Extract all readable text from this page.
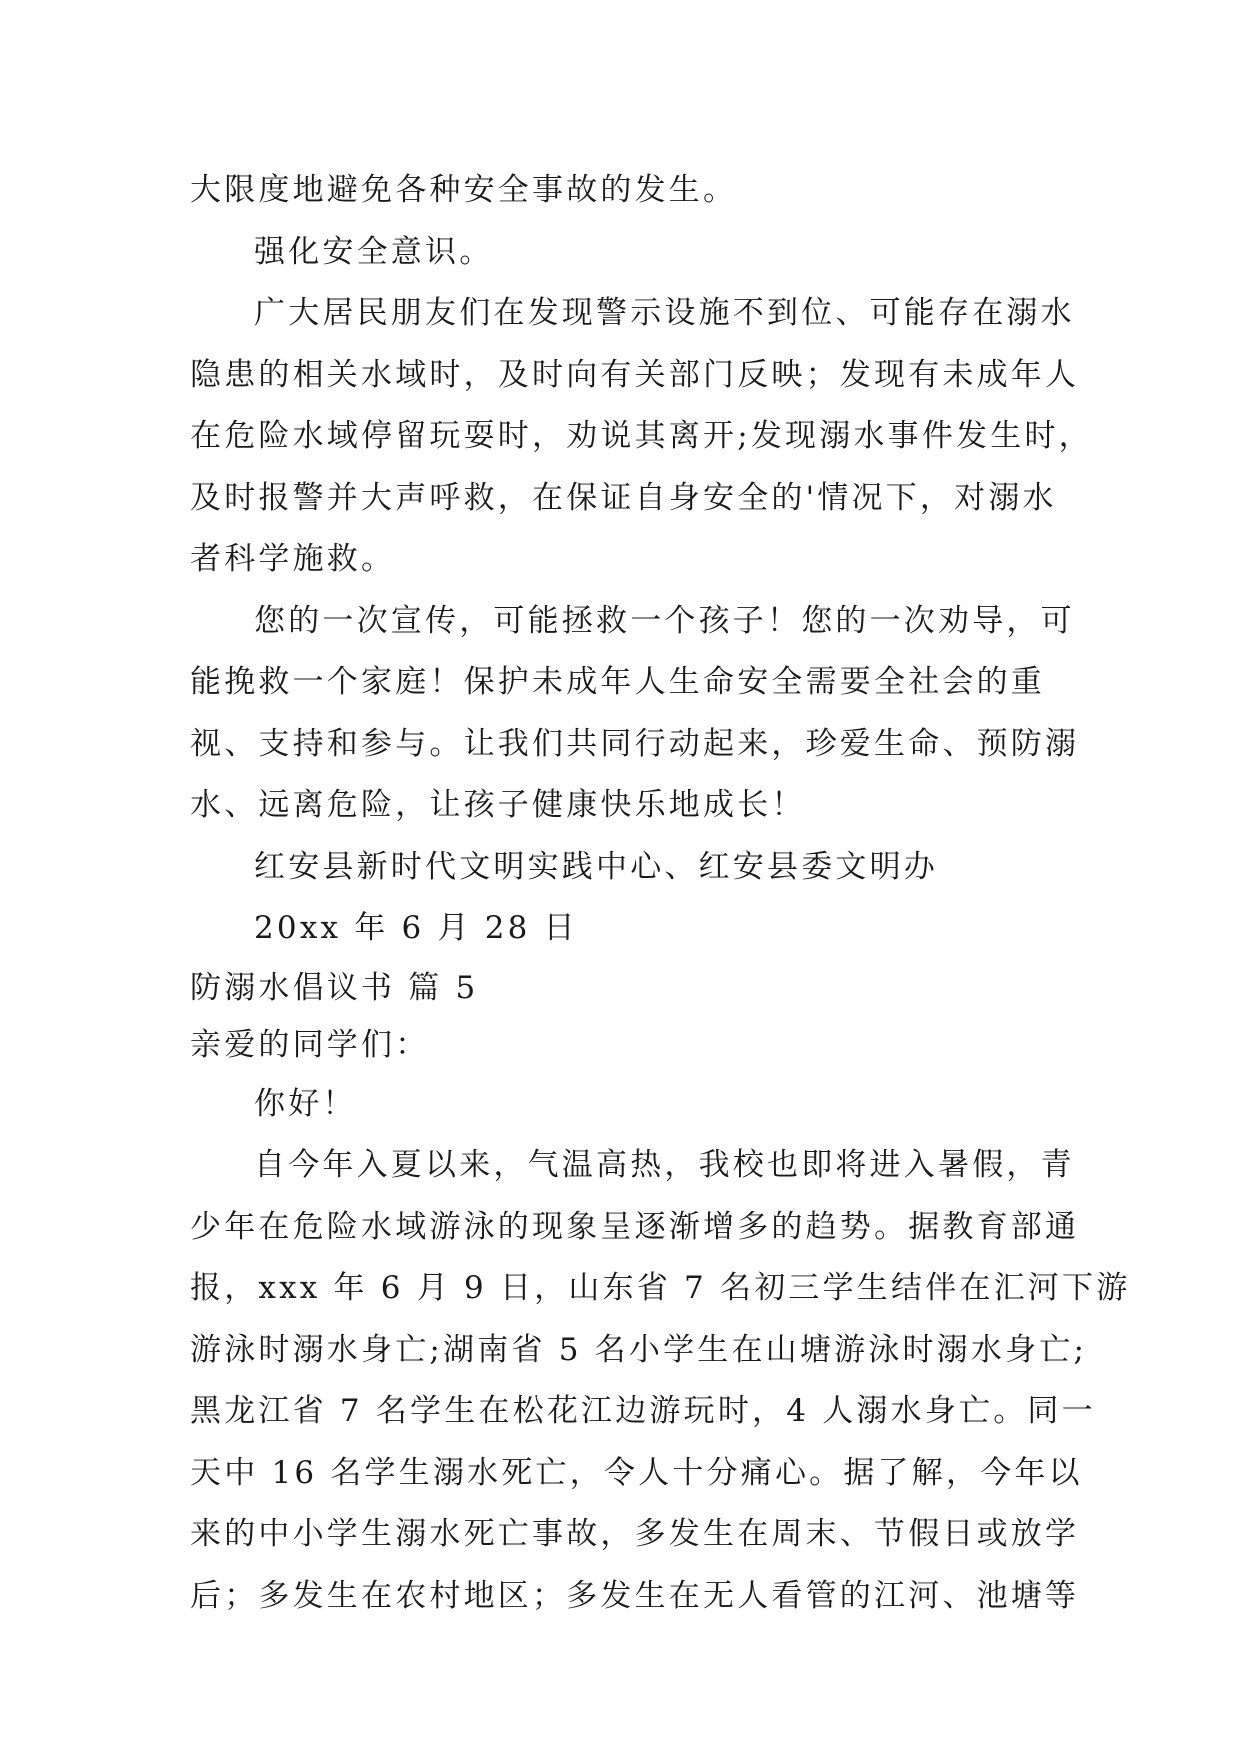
大限度地避免各种安全事故的发生。
强化安全意识。
广大居民朋友们在发现警示设施不到位、可能存在溺水
隐患的相关水域时，及时向有关部门反映；发现有未成年人
在危险水域停留玩耍时，劝说其离开;发现溺水事件发生时，
及时报警并大声呼救，在保证自身安全的'情况下，对溺水
者科学施救。
您的一次宣传，可能拯救一个孩子！您的一次劝导，可
能挽救一个家庭！保护未成年人生命安全需要全社会的重
视、支持和参与。让我们共同行动起来，珍爱生命、预防溺
水、远离危险，让孩子健康快乐地成长！
红安县新时代文明实践中心、红安县委文明办
20xx 年 6 月 28 日
防溺水倡议书 篇 5
亲爱的同学们：
你好！
自今年入夏以来，气温高热，我校也即将进入暑假，青
少年在危险水域游泳的现象呈逐渐增多的趋势。据教育部通
报，xxx 年 6 月 9 日，山东省 7 名初三学生结伴在汇河下游
游泳时溺水身亡;湖南省 5 名小学生在山塘游泳时溺水身亡;
黑龙江省 7 名学生在松花江边游玩时，4 人溺水身亡。同一
天中 16 名学生溺水死亡，令人十分痛心。据了解，今年以
来的中小学生溺水死亡事故，多发生在周末、节假日或放学
后；多发生在农村地区；多发生在无人看管的江河、池塘等
